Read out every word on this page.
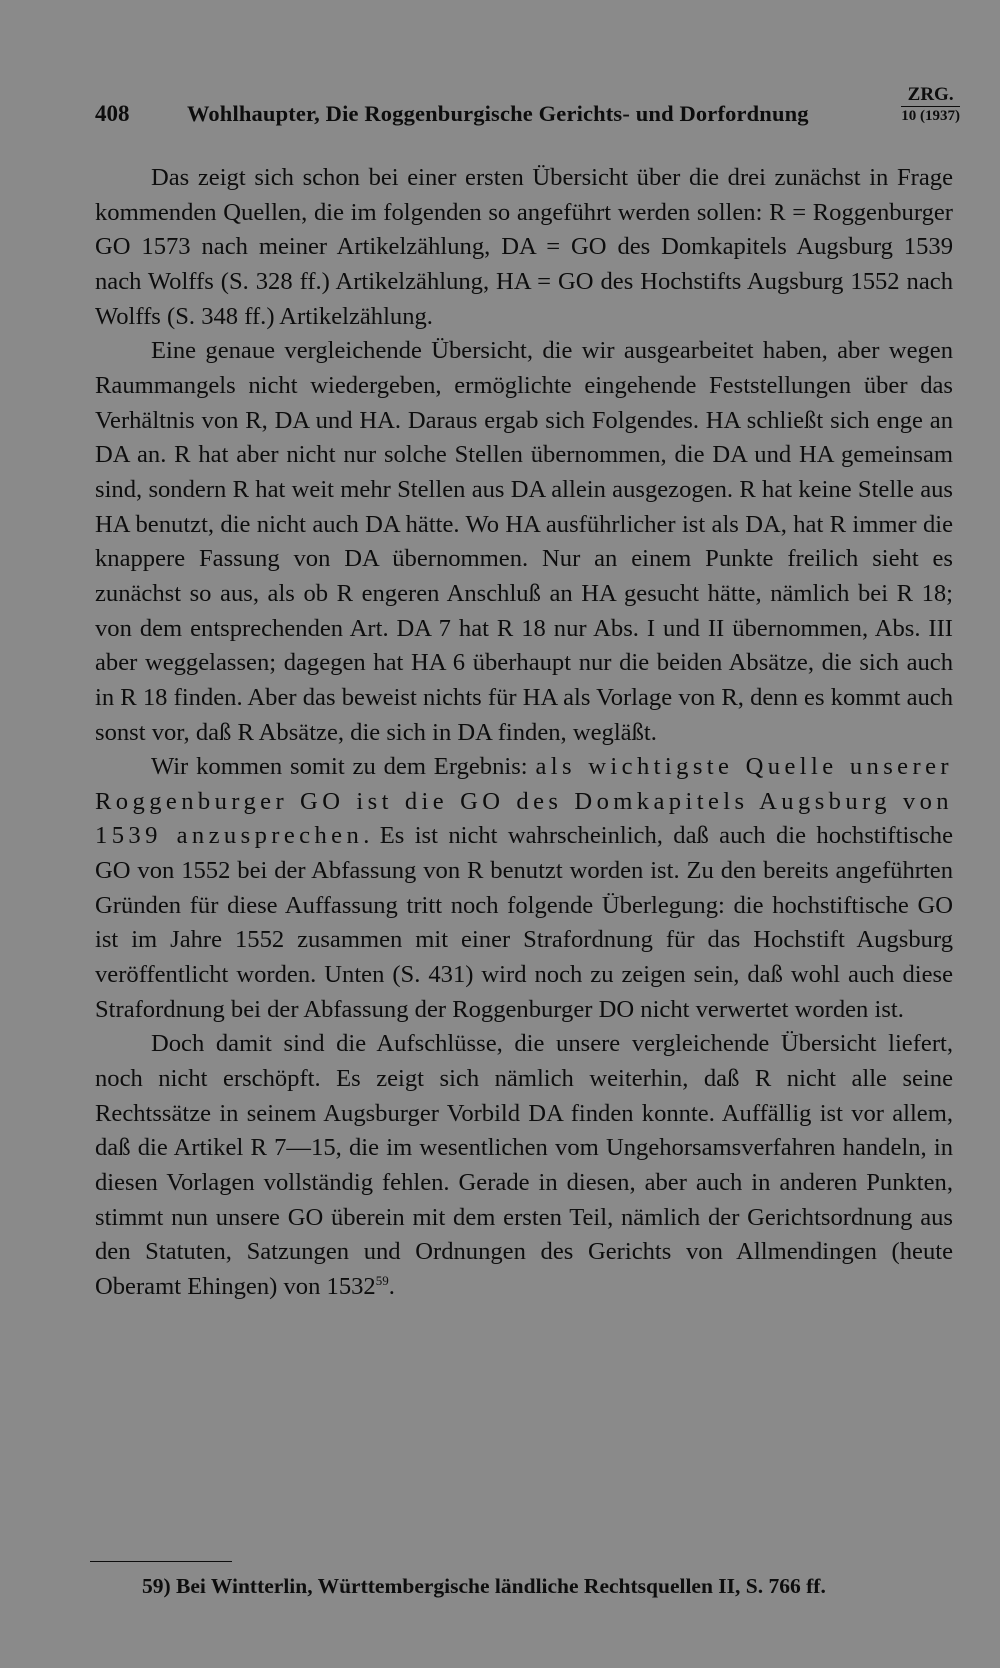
408	Wohlhaupter, Die Roggenburgische Gerichts- und Dorfordnung
ZRG.
10 (1937)

Das zeigt sich schon bei einer ersten Übersicht über die drei zunächst in Frage kommenden Quellen, die im folgenden so angeführt werden sollen: R = Roggenburger GO 1573 nach meiner Artikelzählung, DA = GO des Domkapitels Augsburg 1539 nach Wolffs (S. 328 ff.) Artikelzählung, HA = GO des Hochstifts Augsburg 1552 nach Wolffs (S. 348 ff.) Artikelzählung.

Eine genaue vergleichende Übersicht, die wir ausgearbeitet haben, aber wegen Raummangels nicht wiedergeben, ermöglichte eingehende Feststellungen über das Verhältnis von R, DA und HA. Daraus ergab sich Folgendes. HA schließt sich enge an DA an. R hat aber nicht nur solche Stellen übernommen, die DA und HA gemeinsam sind, sondern R hat weit mehr Stellen aus DA allein ausgezogen. R hat keine Stelle aus HA benutzt, die nicht auch DA hätte. Wo HA ausführlicher ist als DA, hat R immer die knappere Fassung von DA übernommen. Nur an einem Punkte freilich sieht es zunächst so aus, als ob R engeren Anschluß an HA gesucht hätte, nämlich bei R 18; von dem entsprechenden Art. DA 7 hat R 18 nur Abs. I und II übernommen, Abs. III aber weggelassen; dagegen hat HA 6 überhaupt nur die beiden Absätze, die sich auch in R 18 finden. Aber das beweist nichts für HA als Vorlage von R, denn es kommt auch sonst vor, daß R Absätze, die sich in DA finden, wegläßt.

Wir kommen somit zu dem Ergebnis: als wichtigste Quelle unserer Roggenburger GO ist die GO des Domkapitels Augsburg von 1539 anzusprechen. Es ist nicht wahrscheinlich, daß auch die hochstiftische GO von 1552 bei der Abfassung von R benutzt worden ist. Zu den bereits angeführten Gründen für diese Auffassung tritt noch folgende Überlegung: die hochstiftische GO ist im Jahre 1552 zusammen mit einer Strafordnung für das Hochstift Augsburg veröffentlicht worden. Unten (S. 431) wird noch zu zeigen sein, daß wohl auch diese Strafordnung bei der Abfassung der Roggenburger DO nicht verwertet worden ist.

Doch damit sind die Aufschlüsse, die unsere vergleichende Übersicht liefert, noch nicht erschöpft. Es zeigt sich nämlich weiterhin, daß R nicht alle seine Rechtssätze in seinem Augsburger Vorbild DA finden konnte. Auffällig ist vor allem, daß die Artikel R 7—15, die im wesentlichen vom Ungehorsamsverfahren handeln, in diesen Vorlagen vollständig fehlen. Gerade in diesen, aber auch in anderen Punkten, stimmt nun unsere GO überein mit dem ersten Teil, nämlich der Gerichtsordnung aus den Statuten, Satzungen und Ordnungen des Gerichts von Allmendingen (heute Oberamt Ehingen) von 1532$^{59}$.

59) Bei Wintterlin, Württembergische ländliche Rechtsquellen II, S. 766 ff.
